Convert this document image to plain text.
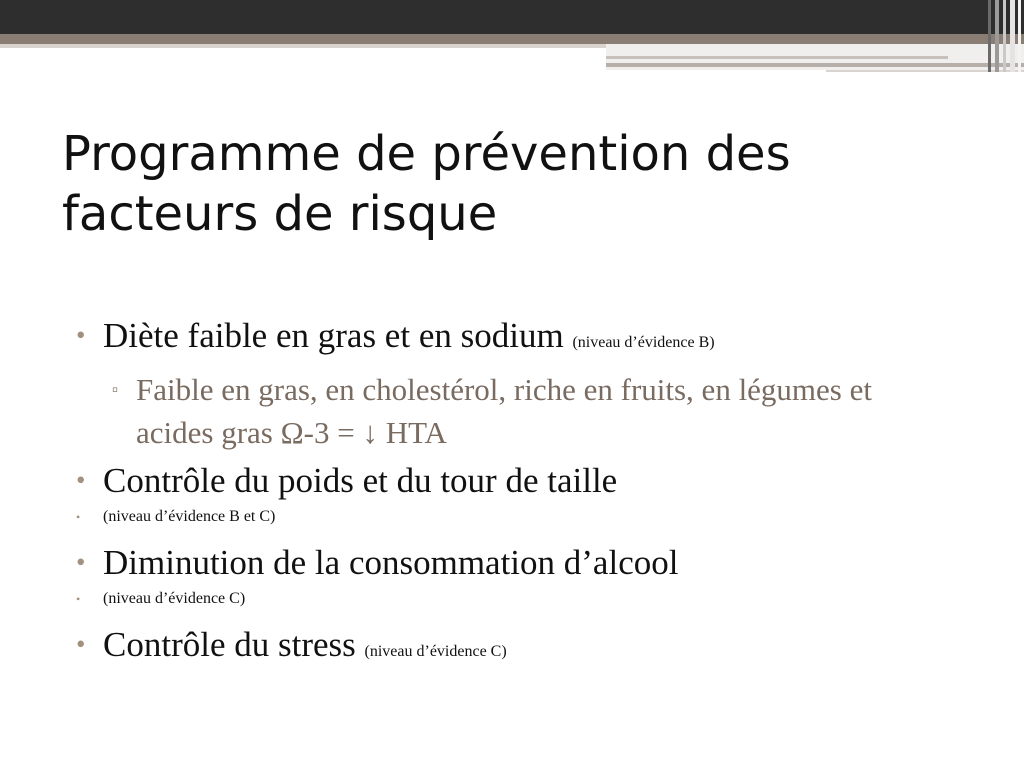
Programme de prévention des facteurs de risque
• Diète faible en gras et en sodium (niveau d’évidence B)
▫ Faible en gras, en cholestérol, riche en fruits, en légumes et acides gras Ω-3 = ↓ HTA
• Contrôle du poids et du tour de taille
• (niveau d’évidence B et C)
• Diminution de la consommation d’alcool
• (niveau d’évidence C)
• Contrôle du stress (niveau d’évidence C)
